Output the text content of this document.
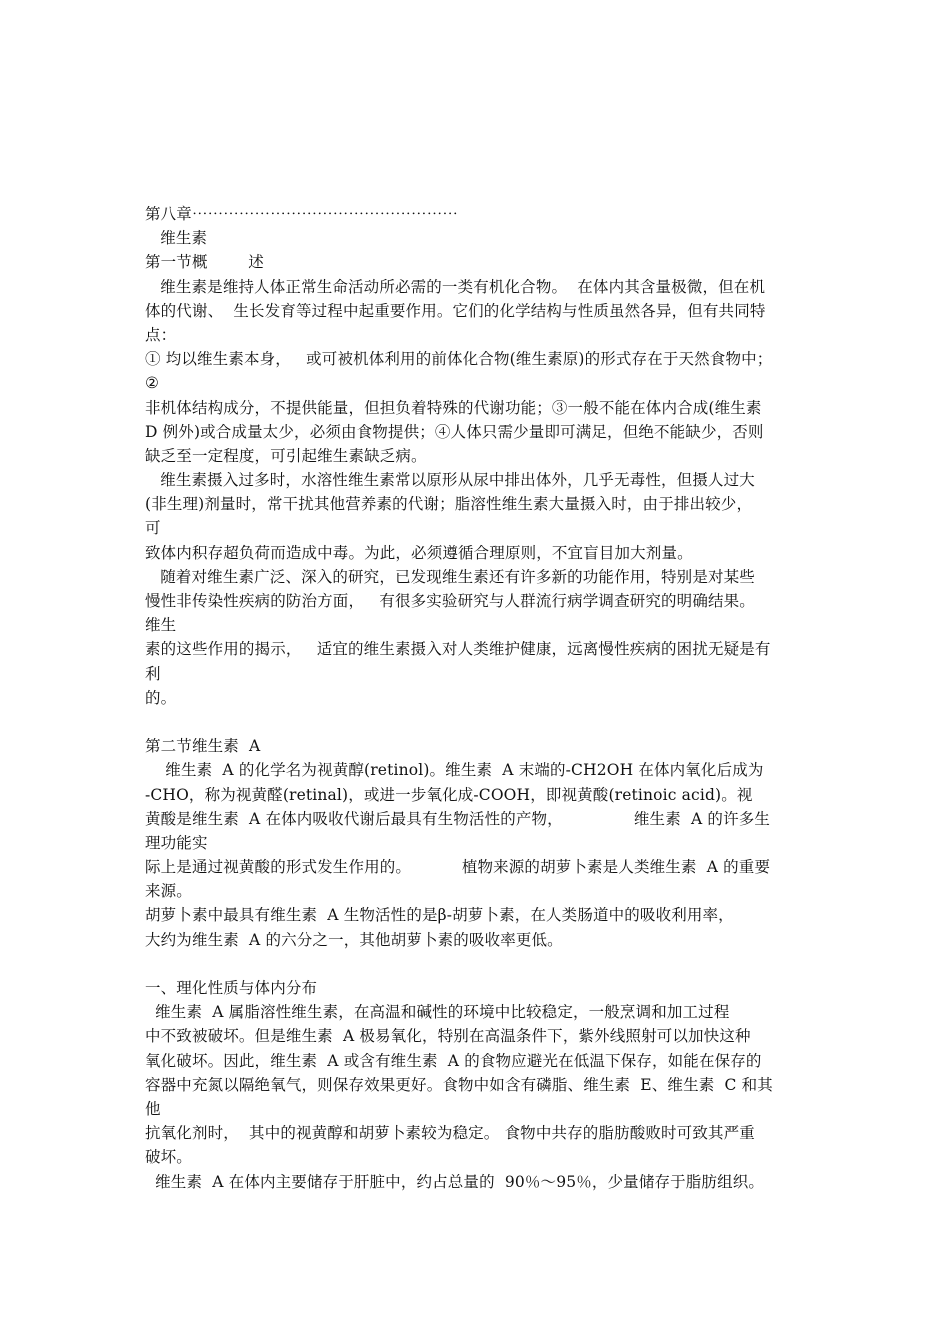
第八章⋯⋯⋯⋯⋯⋯⋯⋯⋯⋯⋯⋯⋯⋯⋯⋯⋯
维生素
第一节概        述
维生素是维持人体正常生命活动所必需的一类有机化合物。  在体内其含量极微，但在机
体的代谢、  生长发育等过程中起重要作用。它们的化学结构与性质虽然各异，但有共同特
点：
① 均以维生素本身，   或可被机体利用的前体化合物(维生素原)的形式存在于天然食物中；
②
非机体结构成分，不提供能量，但担负着特殊的代谢功能；③一般不能在体内合成(维生素
D 例外)或合成量太少，必须由食物提供；④人体只需少量即可满足，但绝不能缺少，否则
缺乏至一定程度，可引起维生素缺乏病。
维生素摄入过多时，水溶性维生素常以原形从尿中排出体外，几乎无毒性，但摄人过大
(非生理)剂量时，常干扰其他营养素的代谢；脂溶性维生素大量摄入时，由于排出较少，
可
致体内积存超负荷而造成中毒。为此，必须遵循合理原则，不宜盲目加大剂量。
随着对维生素广泛、深入的研究，已发现维生素还有许多新的功能作用，特别是对某些
慢性非传染性疾病的防治方面，   有很多实验研究与人群流行病学调查研究的明确结果。
维生
素的这些作用的揭示，   适宜的维生素摄入对人类维护健康，远离慢性疾病的困扰无疑是有
利
的。
第二节维生素  A
维生素  A 的化学名为视黄醇(retinol)。维生素  A 末端的-CH2OH 在体内氧化后成为
-CHO，称为视黄醛(retinal)，或进一步氧化成-COOH，即视黄酸(retinoic acid)。视
黄酸是维生素  A 在体内吸收代谢后最具有生物活性的产物，              维生素  A 的许多生
理功能实
际上是通过视黄酸的形式发生作用的。          植物来源的胡萝卜素是人类维生素  A 的重要
来源。
胡萝卜素中最具有维生素  A 生物活性的是β-胡萝卜素，在人类肠道中的吸收利用率，
大约为维生素  A 的六分之一，其他胡萝卜素的吸收率更低。
一、理化性质与体内分布
维生素  A 属脂溶性维生素，在高温和碱性的环境中比较稳定，一般烹调和加工过程
中不致被破坏。但是维生素  A 极易氧化，特别在高温条件下，紫外线照射可以加快这种
氧化破坏。因此，维生素  A 或含有维生素  A 的食物应避光在低温下保存，如能在保存的
容器中充氮以隔绝氧气，则保存效果更好。食物中如含有磷脂、维生素  E、维生素  C 和其
他
抗氧化剂时，  其中的视黄醇和胡萝卜素较为稳定。 食物中共存的脂肪酸败时可致其严重
破坏。
维生素  A 在体内主要储存于肝脏中，约占总量的  90％～95％，少量储存于脂肪组织。
